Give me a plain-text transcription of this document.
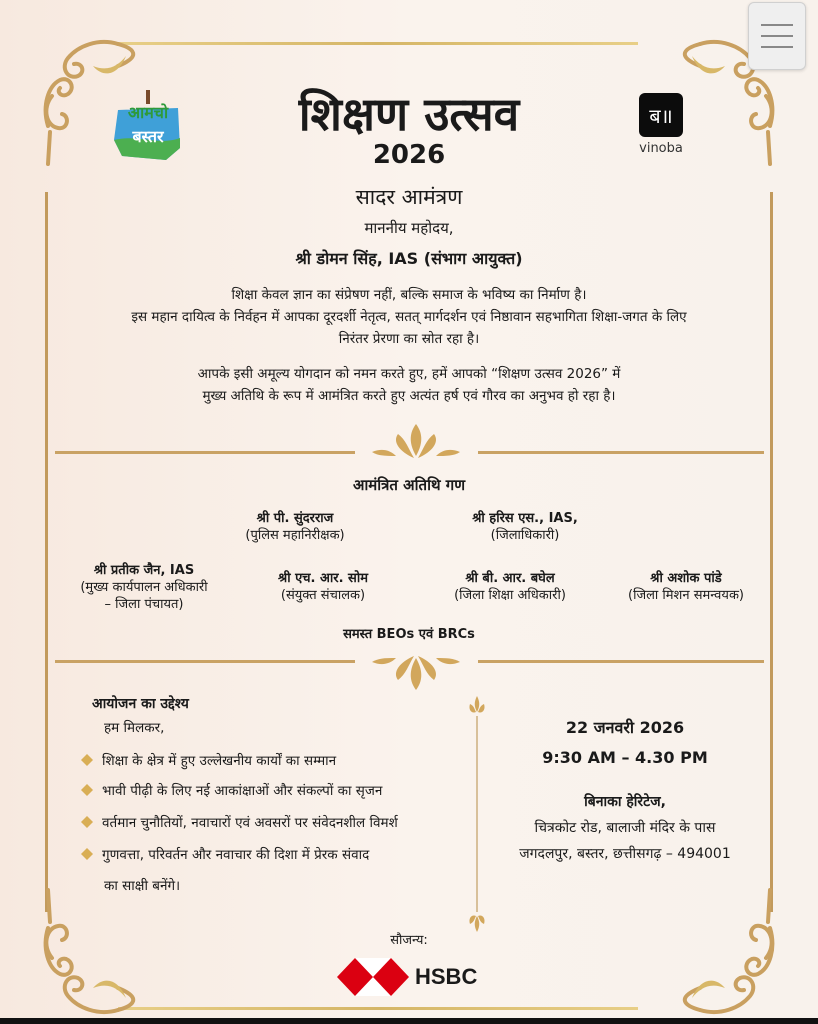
आमचो
बस्तर
ब॥
vinoba
शिक्षण उत्सव
2026
सादर आमंत्रण
माननीय महोदय,
श्री डोमन सिंह, IAS (संभाग आयुक्त)
शिक्षा केवल ज्ञान का संप्रेषण नहीं, बल्कि समाज के भविष्य का निर्माण है।
इस महान दायित्व के निर्वहन में आपका दूरदर्शी नेतृत्व, सतत् मार्गदर्शन एवं निष्ठावान सहभागिता शिक्षा-जगत के लिए
निरंतर प्रेरणा का स्रोत रहा है।
आपके इसी अमूल्य योगदान को नमन करते हुए, हमें आपको “शिक्षण उत्सव 2026” में
मुख्य अतिथि के रूप में आमंत्रित करते हुए अत्यंत हर्ष एवं गौरव का अनुभव हो रहा है।
आमंत्रित अतिथि गण
श्री पी. सुंदरराज
(पुलिस महानिरीक्षक)
श्री हरिस एस., IAS,
(जिलाधिकारी)
श्री प्रतीक जैन, IAS
(मुख्य कार्यपालन अधिकारी
– जिला पंचायत)
श्री एच. आर. सोम
(संयुक्त संचालक)
श्री बी. आर. बघेल
(जिला शिक्षा अधिकारी)
श्री अशोक पांडे
(जिला मिशन समन्वयक)
समस्त BEOs एवं BRCs
आयोजन का उद्देश्य
हम मिलकर,
शिक्षा के क्षेत्र में हुए उल्लेखनीय कार्यों का सम्मान
भावी पीढ़ी के लिए नई आकांक्षाओं और संकल्पों का सृजन
वर्तमान चुनौतियों, नवाचारों एवं अवसरों पर संवेदनशील विमर्श
गुणवत्ता, परिवर्तन और नवाचार की दिशा में प्रेरक संवाद
का साक्षी बनेंगे।
22 जनवरी 2026
9:30 AM – 4.30 PM
बिनाका हेरिटेज,
चित्रकोट रोड, बालाजी मंदिर के पास
जगदलपुर, बस्तर, छत्तीसगढ़ – 494001
सौजन्य:
HSBC
